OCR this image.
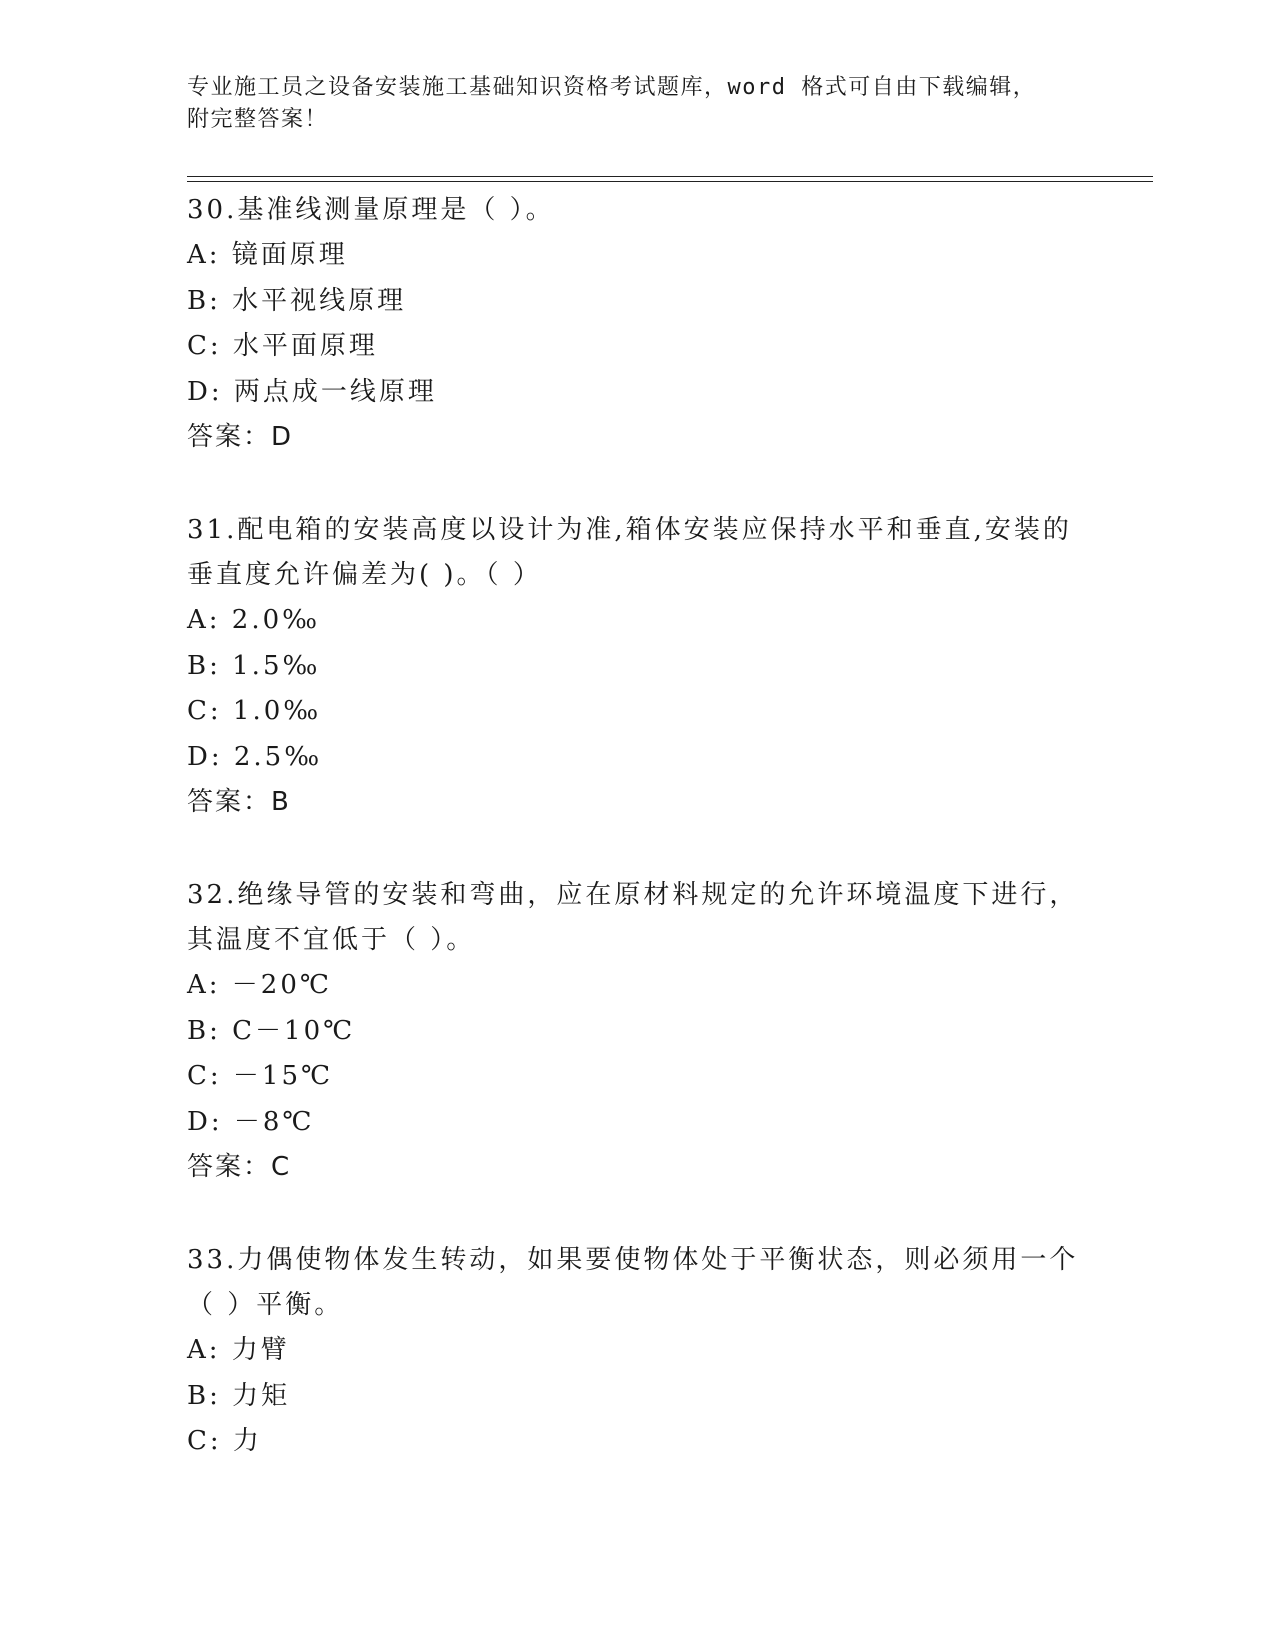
专业施工员之设备安装施工基础知识资格考试题库，word 格式可自由下载编辑，
附完整答案！

30.基准线测量原理是（ ）。

A: 镜面原理

B: 水平视线原理

C: 水平面原理

D: 两点成一线原理

答案：D

31.配电箱的安装高度以设计为准,箱体安装应保持水平和垂直,安装的

垂直度允许偏差为( )。（ ）

A: 2.0‰

B: 1.5‰

C: 1.0‰

D: 2.5‰

答案：B

32.绝缘导管的安装和弯曲，应在原材料规定的允许环境温度下进行，

其温度不宜低于（ ）。

A: －20℃

B: C－10℃

C: －15℃

D: －8℃

答案：C

33.力偶使物体发生转动，如果要使物体处于平衡状态，则必须用一个

（ ）平衡。

A: 力臂

B: 力矩

C: 力
